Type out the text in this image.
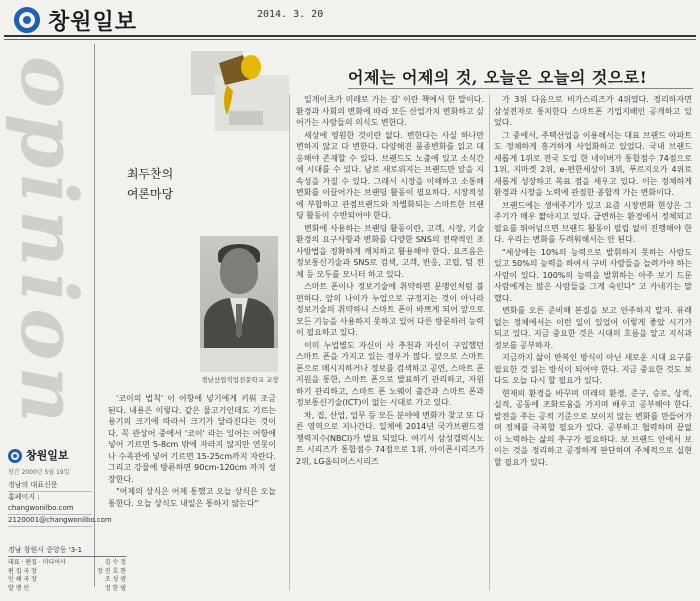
창원일보	2014. 3. 20
opinion
창원일보
창간 2000년 5월 19일
경남의 대표신문
홈페이지 : changwonilbo.com
2120001@changwonilbo.com
경남 창원시 중앙동 '3-1
대표 · 편집 · 미디어사	김 수 정
편 집 국 장	장 진 호 현
인 쇄 국 장	조 성 광
발 행 인	정 한 필
최두찬의
여론마당
경남산업직업전문학교 교장
어제는 어제의 것, 오늘은 오늘의 것으로!

'코이의 법칙' 이 어항에 넣기에게 키워 조금 된다. 내용은 이렇다. 같은 물고기인데도 기르는 용기의 크기에 따라서 크기가 달라진다는 것이다. 꼭 관상어 중에서 '코이' 라는 잉어는 어항에 넣어 기르면 5-8cm 밖에 자라지 않지만 연못이나 수족관에 넣어 기르면 15-25cm까지 자란다. 그리고 강물에 방류하면 90cm-120cm 까지 성장한다.

"어제의 상식은 어제 통했고 오늘 상식은 오늘 통한다. 오늘 상식도 내일은 통하지 않는다"

일게이츠가 미래로 가는 길' 이란 책에서 한 말이다. 환경과 사회의 변화에 따라 모든 산업가치 변화하고 싶어가는 사람들의 의식도 변한다.

세상에 영원한 것이란 없다. 변한다는 사실 하나만 변하지 않고 다 변한다. 다양해진 품종변화를 읽고 대응해야 존재할 수 있다. 브랜드도 노출에 있고 소식간에 시대를 수 있다. 남로 새로위지는 브랜드만 앞을 지속성을 가질 수 있다. 그래서 시장을 이해하고 소통해 변화를 이끌어가는 브랜딩 활동이 필요하다. 시장적성에 부합하고 관점브랜드와 차별화되는 스마트한 브랜딩 활동이 수반되어야 한다.

변화에 사용하는 브랜딩 활동이란, 고객, 시장, 기술 환경의 요구사항과 변화를 다양한 SNS의 전략적인 조사방법을 정확하게 캐치하고 활용해야 한다. 요즈음은 정보통신기술과 SNS로 검색, 고객, 반응, 고립, 텀 전체 등 모두를 모니터 하고 있다.

스마트 폰이나 정보기술에 취약하면 문맹인처럼 불편하다. 앞의 나이가 누업으로 규정지는 것이 아니라 정보기술의 취약하니 스마트 폰이 바쁘게 되어 앞으로 모든 기능을 사용하지 못하고 있어 다른 방문하러 능력이 필요하고 있다.

이미 누업별도 자신이 사 추천과 자신이 구입했던 스마트 폰을 가지고 있는 경우가 많다. 앞으로 스마트 폰으로 메시지하거나 정보를 검색하고 공연, 스마트 폰 지원을 통한, 스마트 폰으로 발표하기 관리하고, 자원하기 관리하고, 스마트 폰 노웨이 출간과 스마트 폰과 정보통신기술(ICT)이 없는 시대로 가고 있다.

차, 집, 산업, 업무 등 모든 분야에 변화가 찾고 또 다른 영역으로 지나간다. 일체에 2014년 국가브랜드경쟁력지수(NBCI)가 발표 되었다. 여기서 삼성갤럭시노트 시리즈가 통합점수 74점으로 1위, 아이폰시리즈가 2위, LG옵티머스시리즈

가 3위 다음으로 비가스리즈가 4위였다. 정리하자면 삼성전자로 통치한다 스마트폰 기업지배인 공개하고 있었다.

그 중에서, 주택산업을 이용해서는 대표 브랜드 아파트도 정체하게 흥겨하게 사업화하고 있었다. 국내 브랜드 새롭게 1위로 전국 도입 한 네이버가 통합점수 74점으로 1위, 지마켓 2위, e-편한세상이 3위, 푸르지오가 4위로 새롭게 성장하고 목표 점을 세우고 있다. 이는 정체하게 환경과 시장을 노력에 관점한 종합적 가는 변화이다.

브랜드에는 생애주기가 있고 요즘 시장변화 현상은 그 주기가 매우 짧아지고 있다. 급변하는 환경에서 정체되고 필요를 뛰어넘으면 브랜드 활동이 필립 없이 진행해야 한다. 우리는 변화를 두려워해서는 안 된다.

"세상에는 10%의 능력으로 발휘하지 못하는 사람도 있고 50%의 능력을 하여서 구비 사람들을 늘려가야 하는 사람이 있다. 100%의 능력을 발휘하는 아주 보기 드문 사람에게는 많은 사람들을 그게 숙인다" 고 카네기는 말했다.

변화를 오른 준비해 본질을 보고 안주하지 말자. 유래없는 정체에서는 이런 일이 있었어 이렇게 좋았 시기가 되고 있다. 지금 중요한 것은 시대의 흐름을 알고 지식과 정보를 공부하자.

지금까지 삶이 반복인 방식이 아닌 새로운 시대 요구를 필요한 것 읽는 방식이 되어야 한다. 지금 중요한 것도 보다도 오늘 다시 할 필요가 있다.

현재의 환경을 바꾸며 미래의 환경, 준구, 승로, 상적, 실적, 공동에 조화로움을 가지며 배우고 공부해야 한다. 발전을 주는 공적 기준으로 보이지 않는 변화를 만들어가며 정체를 극복할 필요가 있다. 공부하고 협력하며 끝없이 노력하는 삶의 추구가 필요하다. 보 브랜드 안에서 보이는 것을 정리하고 공정하게 판단하며 주체적으로 실현할 필요가 있다.
